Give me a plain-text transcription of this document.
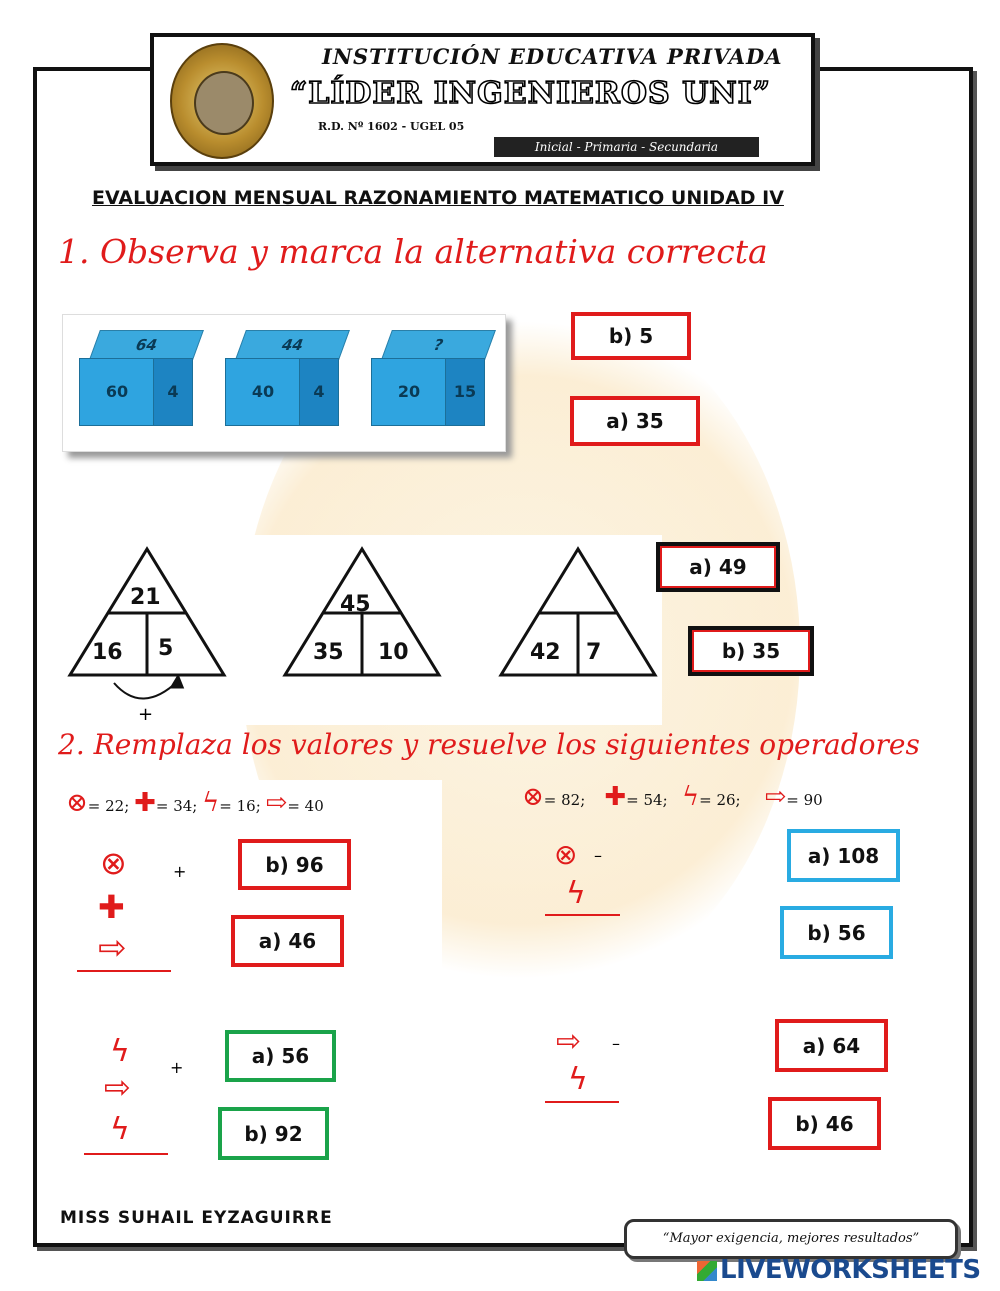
INSTITUCIÓN EDUCATIVA PRIVADA
“LÍDER INGENIEROS UNI”
R.D. Nº 1602 - UGEL 05
Inicial - Primaria - Secundaria
EVALUACION MENSUAL RAZONAMIENTO MATEMATICO UNIDAD IV
1. Observa y marca la alternativa correcta
64
60	4
44
40	4
?
20	15
b) 5
a) 35
21
16 5
45
35 10	42 7
+
a) 49
b) 35
2. Remplaza los valores y resuelve los siguientes operadores
⊗= 22; ✚= 34; ϟ= 16; ⇨= 40	⊗= 82; ✚= 54; ϟ= 26; ⇨= 90
⊗
✚
⇨
+	b) 96
a) 46
⊗ –
ϟ
a) 108
b) 56
ϟ
⇨
ϟ
+	a) 56
b) 92
⇨ –
ϟ
a) 64
b) 46
MISS SUHAIL EYZAGUIRRE
“Mayor exigencia, mejores resultados”
LIVEWORKSHEETS
